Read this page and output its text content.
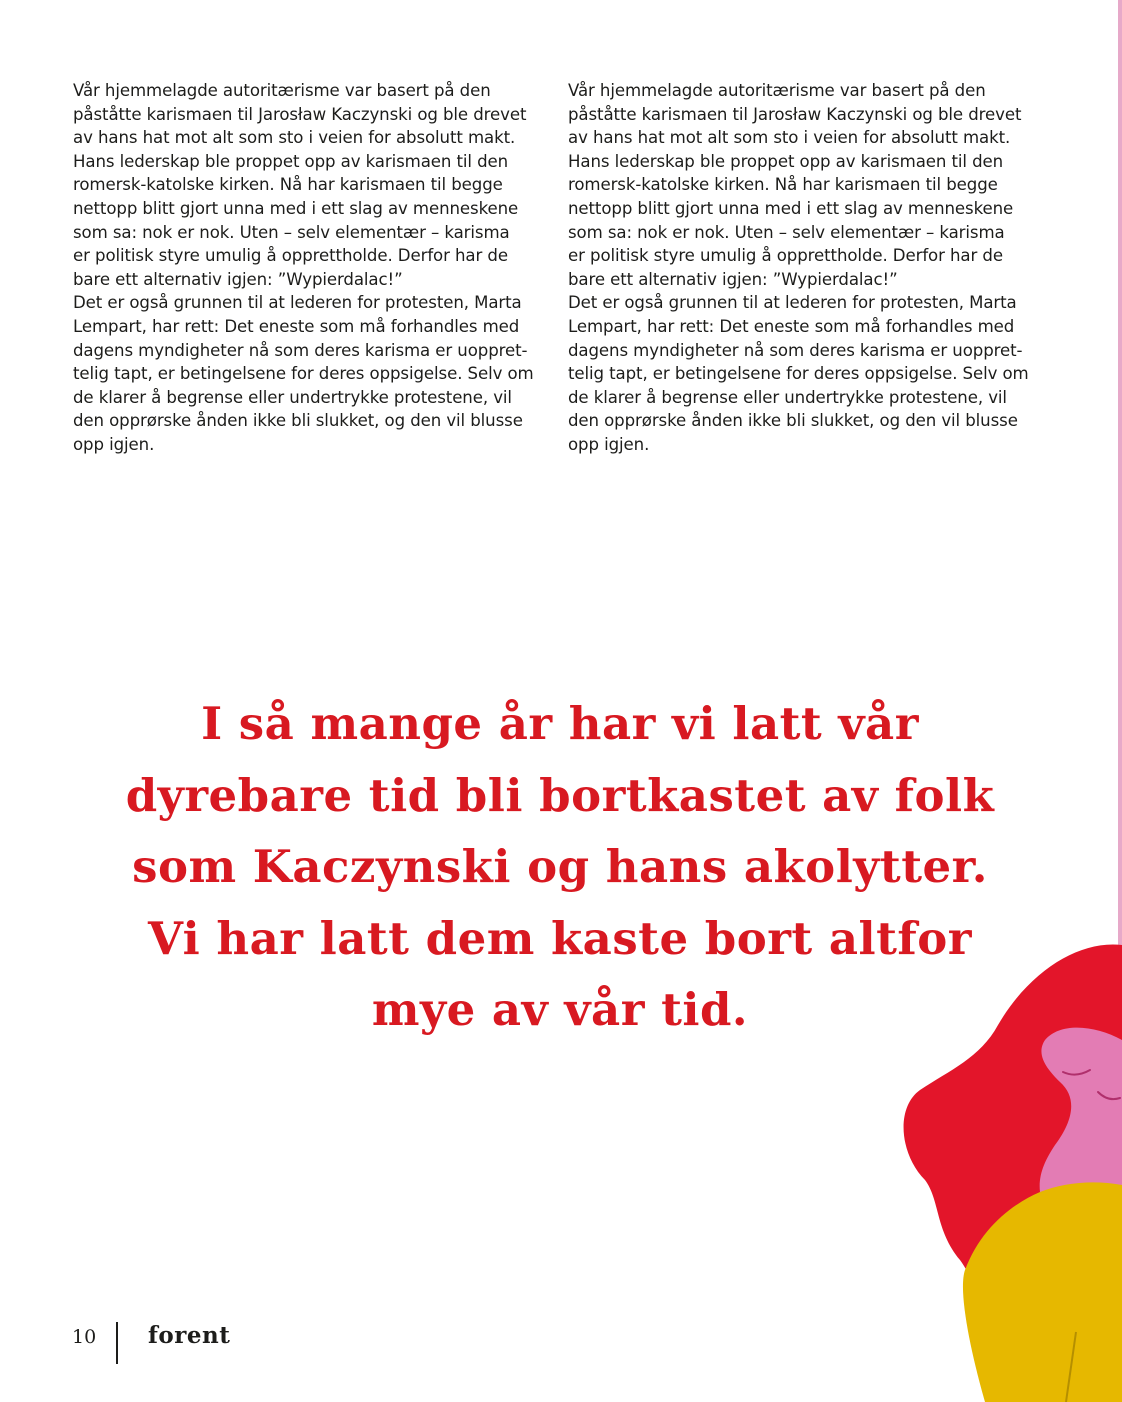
Vår hjemmelagde autoritærisme var basert på den
påståtte karismaen til Jarosław Kaczynski og ble drevet
av hans hat mot alt som sto i veien for absolutt makt.
Hans lederskap ble proppet opp av karismaen til den
romersk-katolske kirken. Nå har karismaen til begge
nettopp blitt gjort unna med i ett slag av menneskene
som sa: nok er nok. Uten – selv elementær – karisma
er politisk styre umulig å opprettholde. Derfor har de
bare ett alternativ igjen: ”Wypierdalac!”
Det er også grunnen til at lederen for protesten, Marta
Lempart, har rett: Det eneste som må forhandles med
dagens myndigheter nå som deres karisma er uoppret-
telig tapt, er betingelsene for deres oppsigelse. Selv om
de klarer å begrense eller undertrykke protestene, vil
den opprørske ånden ikke bli slukket, og den vil blusse
opp igjen.

Vår hjemmelagde autoritærisme var basert på den
påståtte karismaen til Jarosław Kaczynski og ble drevet
av hans hat mot alt som sto i veien for absolutt makt.
Hans lederskap ble proppet opp av karismaen til den
romersk-katolske kirken. Nå har karismaen til begge
nettopp blitt gjort unna med i ett slag av menneskene
som sa: nok er nok. Uten – selv elementær – karisma
er politisk styre umulig å opprettholde. Derfor har de
bare ett alternativ igjen: ”Wypierdalac!”
Det er også grunnen til at lederen for protesten, Marta
Lempart, har rett: Det eneste som må forhandles med
dagens myndigheter nå som deres karisma er uoppret-
telig tapt, er betingelsene for deres oppsigelse. Selv om
de klarer å begrense eller undertrykke protestene, vil
den opprørske ånden ikke bli slukket, og den vil blusse
opp igjen.

I så mange år har vi latt vår
dyrebare tid bli bortkastet av folk
som Kaczynski og hans akolytter.
Vi har latt dem kaste bort altfor
mye av vår tid.

10 forent
